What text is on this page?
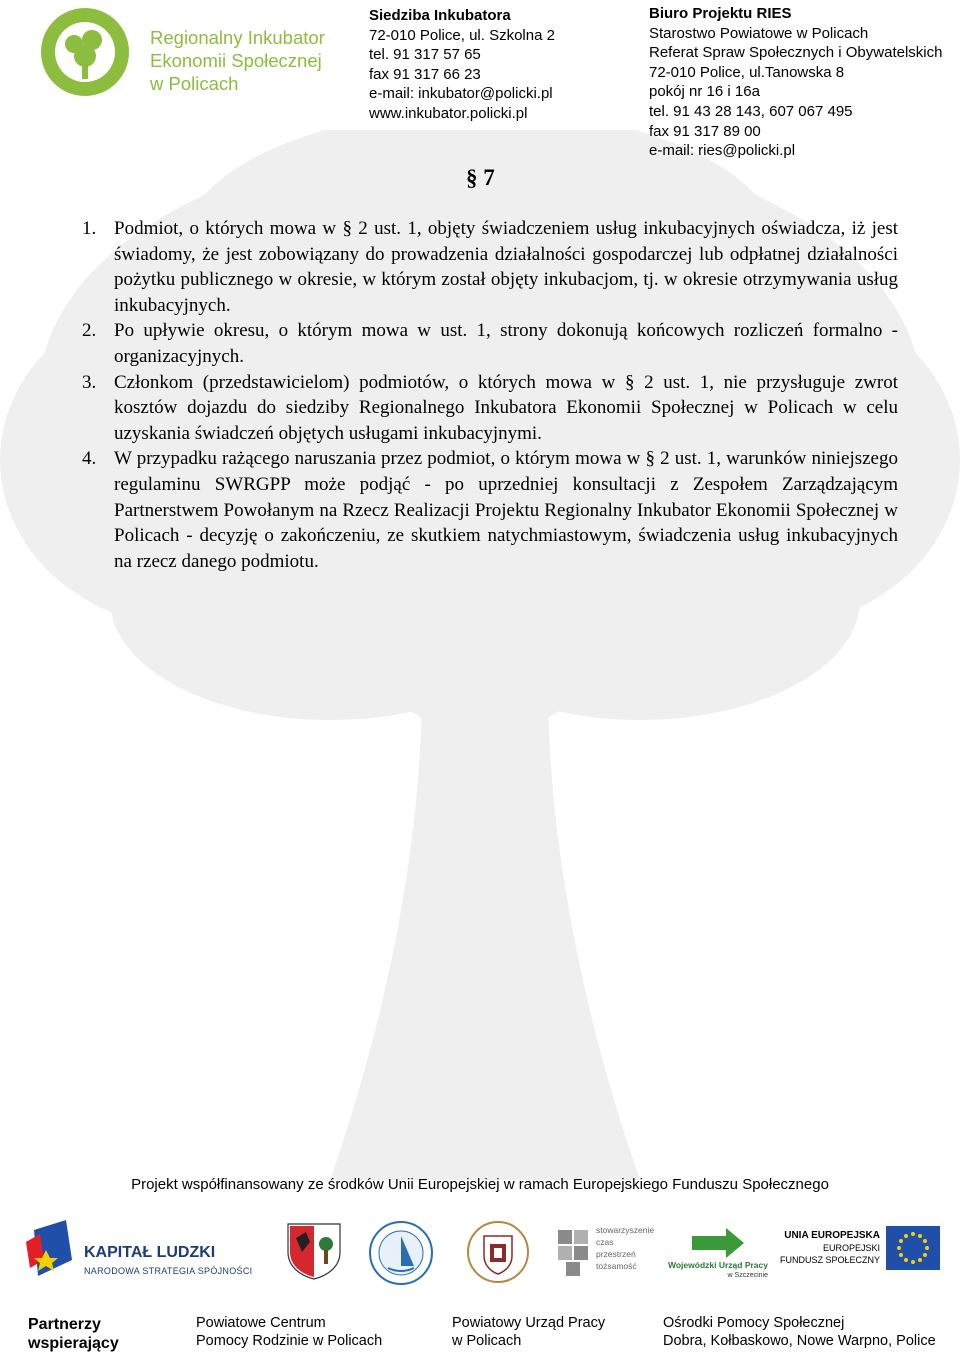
Regionalny Inkubator
Ekonomii Społecznej
w Policach
Siedziba Inkubatora
72-010 Police, ul. Szkolna 2
tel. 91 317 57 65
fax 91 317 66 23
e-mail: inkubator@policki.pl
www.inkubator.policki.pl
Biuro Projektu RIES
Starostwo Powiatowe w Policach
Referat Spraw Społecznych i Obywatelskich
72-010 Police, ul.Tanowska 8
pokój nr 16 i 16a
tel. 91 43 28 143, 607 067 495
fax 91 317 89 00
e-mail: ries@policki.pl
§ 7
1. Podmiot, o których mowa w § 2 ust. 1, objęty świadczeniem usług inkubacyjnych oświadcza, iż jest świadomy, że jest zobowiązany do prowadzenia działalności gospodarczej lub odpłatnej działalności pożytku publicznego w okresie, w którym został objęty inkubacjom, tj. w okresie otrzymywania usług inkubacyjnych.
2. Po upływie okresu, o którym mowa w ust. 1, strony dokonują końcowych rozliczeń formalno - organizacyjnych.
3. Członkom (przedstawicielom) podmiotów, o których mowa w § 2 ust. 1, nie przysługuje zwrot kosztów dojazdu do siedziby Regionalnego Inkubatora Ekonomii Społecznej w Policach w celu uzyskania świadczeń objętych usługami inkubacyjnymi.
4. W przypadku rażącego naruszania przez podmiot, o którym mowa w § 2 ust. 1, warunków niniejszego regulaminu SWRGPP może podjąć - po uprzedniej konsultacji z Zespołem Zarządzającym Partnerstwem Powołanym na Rzecz Realizacji Projektu Regionalny Inkubator Ekonomii Społecznej w Policach - decyzję o zakończeniu, ze skutkiem natychmiastowym, świadczenia usług inkubacyjnych na rzecz danego podmiotu.
Projekt współfinansowany ze środków Unii Europejskiej w ramach Europejskiego Funduszu Społecznego
KAPITAŁ LUDZKI
NARODOWA STRATEGIA SPÓJNOŚCI
stowarzyszenie
czas
przestrzeń
tożsamość	Wojewódzki Urząd Pracy
w Szczecinie
UNIA EUROPEJSKA
EUROPEJSKI
FUNDUSZ SPOŁECZNY
Partnerzy
wspierający
Powiatowe Centrum
Pomocy Rodzinie w Policach
Powiatowy Urząd Pracy
w Policach
Ośrodki Pomocy Społecznej
Dobra, Kołbaskowo, Nowe Warpno, Police
